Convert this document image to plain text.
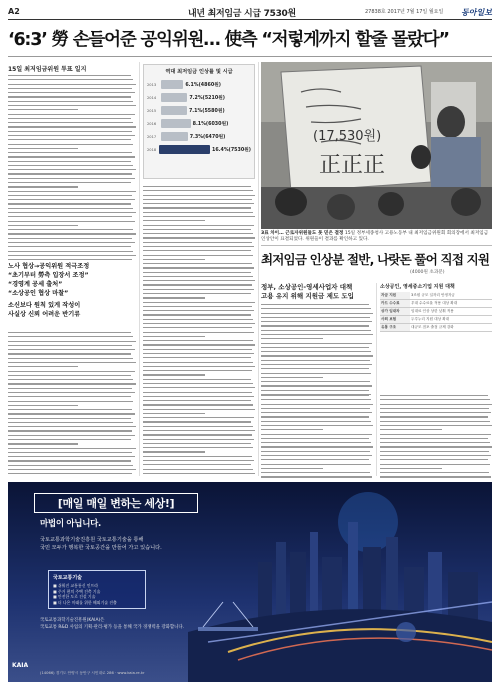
A2	내년 최저임금 시급 7530원	27838호 2017년 7월 17일 월요일 동아일보
‘6:3’ 勞 손들어준 공익위원… 使측 “저렇게까지 할줄 몰랐다”
15일 최저임금위원 투표 일지
노사 협상→공익위원 적극조정
“초기부터 勞측 입장서 조정”
“경영계 공세 출처”
“소상공인 협상 마찰”
소신보다 원칙 있게 작성이
사실상 신뢰 어려운 반기류
역대 최저임금 인상률 및 시급
2013	6.1%(4860원)
2014	7.2%(5210원)
2015	7.1%(5580원)
2016	8.1%(6030원)
2017	7.3%(6470원)
2018	16.4%(7530원)
(17,530원)
正正正
3표 차이… 근로자위원들도 못 믿은 결정 15일 정부세종청사 고용노동부 내 최저임금위원회 회의장에서 최저임금 인상안이 표결되었다. 위원들이 결과를 확인하고 있다.
최저임금 인상분 절반, 나랏돈 풀어 직접 지원
(4000원 초과분)
정부, 소상공인-영세사업자 대책
고용 유지 위해 지원금 제도 도입
소상공인, 영세중소기업 지원 대책
자금 지원	3조원 규모 일자리 안정자금
카드 수수료	우대 수수료율 적용 대상 확대
상가 임대차	임대료 인상 상한 낮춰 적용
사회 보험	두루누리 지원 대상 확대
유통 구조	대규모 점포 출점 규제 강화
[매일 매일 변하는 세상!]
마법이 아닙니다.
국토교통과학기술진흥원 국토교통기술을 통해
국민 모두가 행복한 국토공간을 만들어 가고 있습니다.
국토교통기술
■ 쉬워진 교통통신 인프라
■ 주거 편의 주택 건축 기술
■ 안전한 도로 건설 기술
■ 더 나은 미래를 위한 해외기술 진출
국토교통과학기술진흥원(KAIA)은
국토교통 R&D 사업의 기획·관리·평가 등을 통해 국가 경쟁력을 강화합니다.
KAIA
(14066) 경기도 안양시 동안구 시민대로 286 · www.kaia.re.kr
